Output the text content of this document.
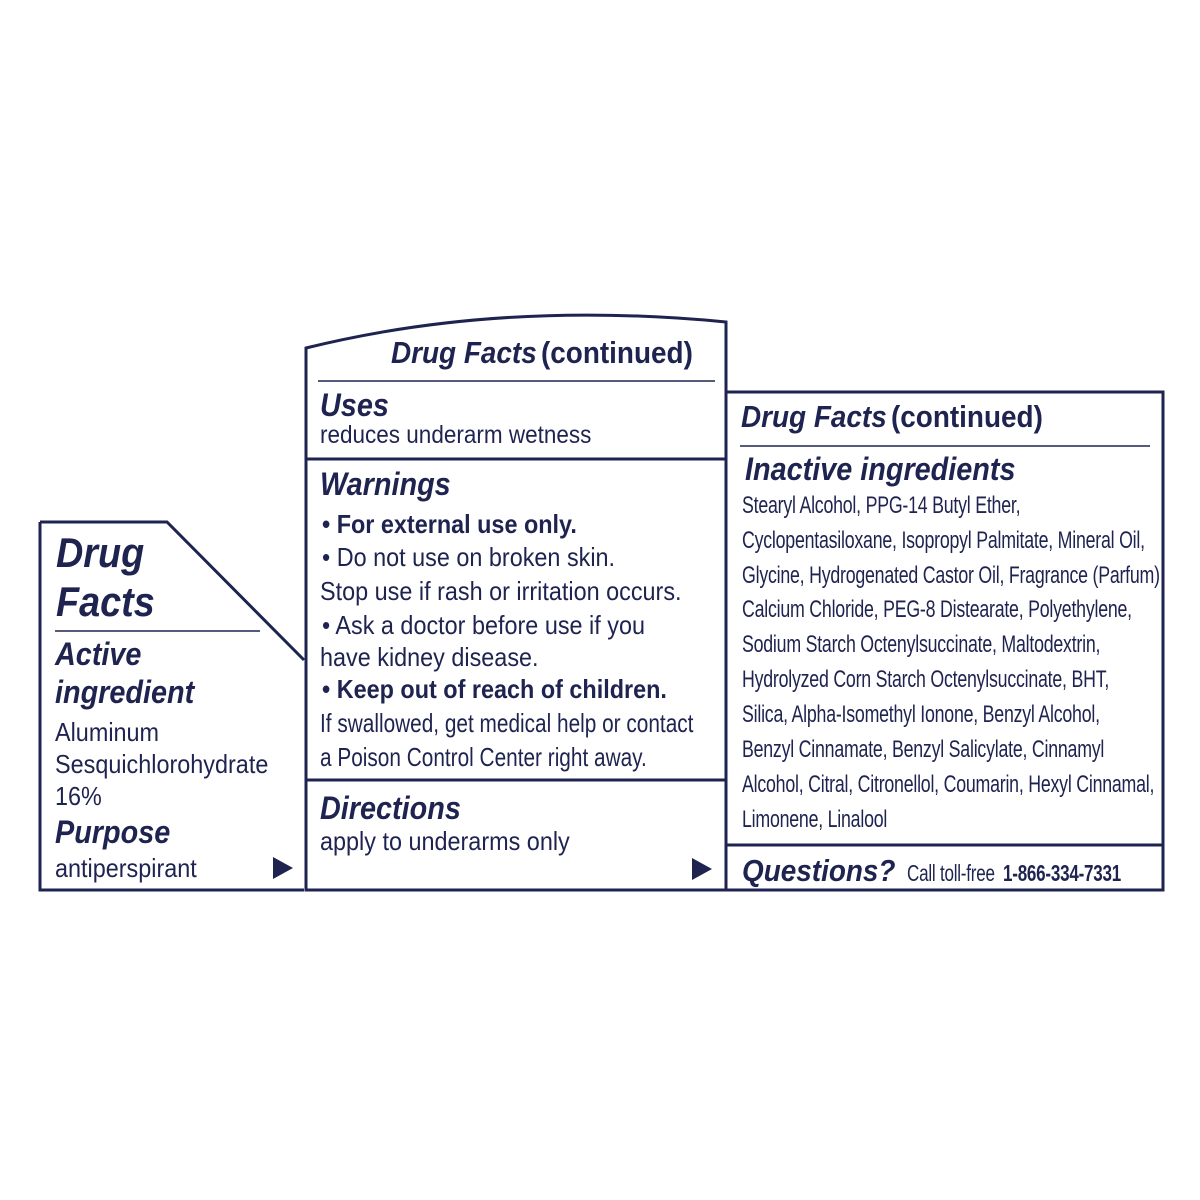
Drug
Facts
Active
ingredient
Aluminum
Sesquichlorohydrate
16%
Purpose
antiperspirant
Drug Facts (continued)
Uses
reduces underarm wetness
Warnings
• For external use only.
• Do not use on broken skin.
Stop use if rash or irritation occurs.
• Ask a doctor before use if you
have kidney disease.
• Keep out of reach of children.
If swallowed, get medical help or contact
a Poison Control Center right away.
Directions
apply to underarms only
Drug Facts (continued)
Inactive ingredients
Stearyl Alcohol, PPG-14 Butyl Ether,
Cyclopentasiloxane, Isopropyl Palmitate, Mineral Oil,
Glycine, Hydrogenated Castor Oil, Fragrance (Parfum),
Calcium Chloride, PEG-8 Distearate, Polyethylene,
Sodium Starch Octenylsuccinate, Maltodextrin,
Hydrolyzed Corn Starch Octenylsuccinate, BHT,
Silica, Alpha-Isomethyl Ionone, Benzyl Alcohol,
Benzyl Cinnamate, Benzyl Salicylate, Cinnamyl
Alcohol, Citral, Citronellol, Coumarin, Hexyl Cinnamal,
Limonene, Linalool
Questions? Call toll-free 1-866-334-7331
